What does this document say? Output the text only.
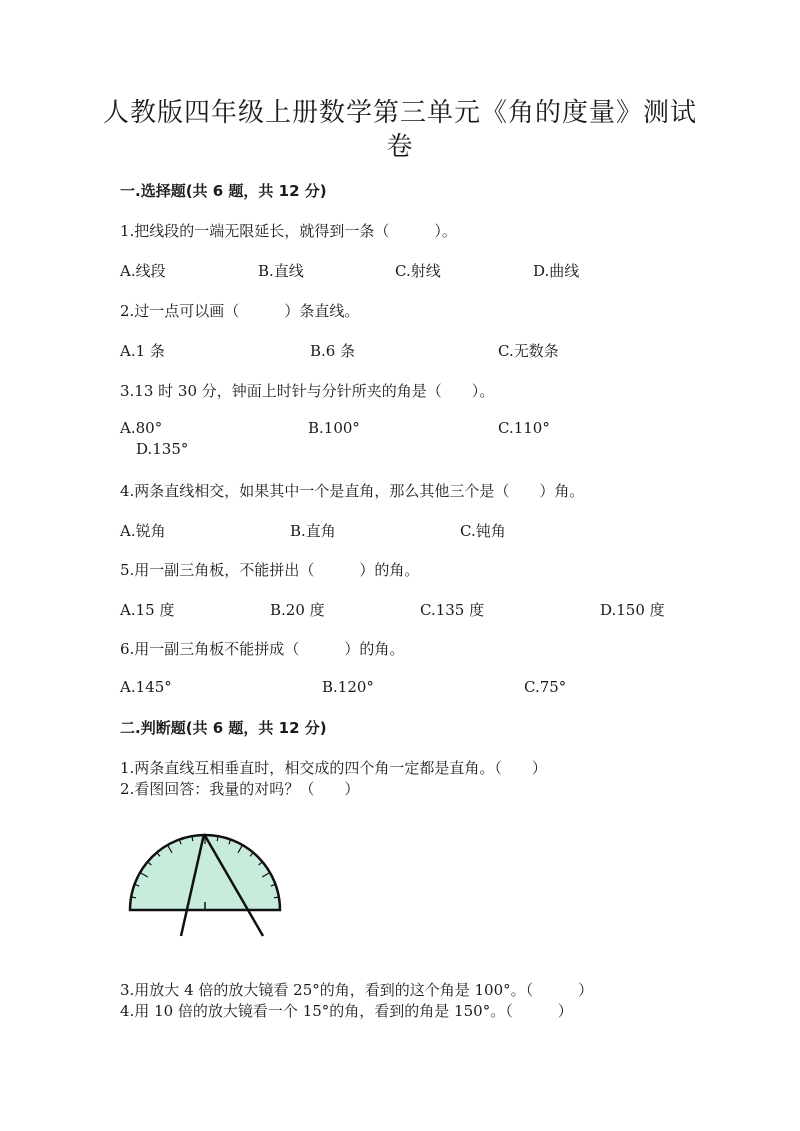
人教版四年级上册数学第三单元《角的度量》测试
卷
一.选择题(共 6 题，共 12 分)
1.把线段的一端无限延长，就得到一条（　　　）。
A.线段	B.直线	C.射线	D.曲线
2.过一点可以画（　　　）条直线。
A.1 条	B.6 条	C.无数条
3.13 时 30 分，钟面上时针与分针所夹的角是（　　）。
A.80°	B.100°	C.110°
D.135°
4.两条直线相交，如果其中一个是直角，那么其他三个是（　　）角。
A.锐角	B.直角	C.钝角
5.用一副三角板，不能拼出（　　　）的角。
A.15 度	B.20 度	C.135 度	D.150 度
6.用一副三角板不能拼成（　　　）的角。
A.145°	B.120°	C.75°
二.判断题(共 6 题，共 12 分)
1.两条直线互相垂直时，相交成的四个角一定都是直角。（　　）
2.看图回答：我量的对吗？（　　）
3.用放大 4 倍的放大镜看 25°的角，看到的这个角是 100°。（　　　）
4.用 10 倍的放大镜看一个 15°的角，看到的角是 150°。（　　　）
